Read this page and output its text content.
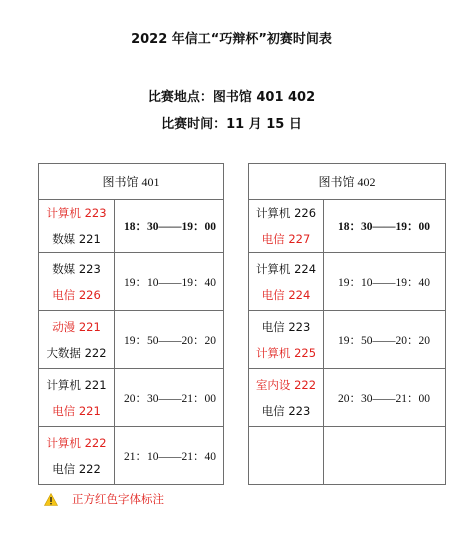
2022 年信工“巧辩杯”初赛时间表
比赛地点：图书馆 401 402
比赛时间：11 月 15 日
图书馆 401	

计算机 223
数媒 221	18：30——19：00

数媒 223
电信 226	19：10——19：40

动漫 221
大数据 222	19：50——20：20

计算机 221
电信 221	20：30——21：00

计算机 222
电信 222	21：10——21：40
图书馆 402	

计算机 226
电信 227	18：30——19：00

计算机 224
电信 224	19：10——19：40

电信 223
计算机 225	19：50——20：20

室内设 222
电信 223	20：30——21：00

正方红色字体标注
